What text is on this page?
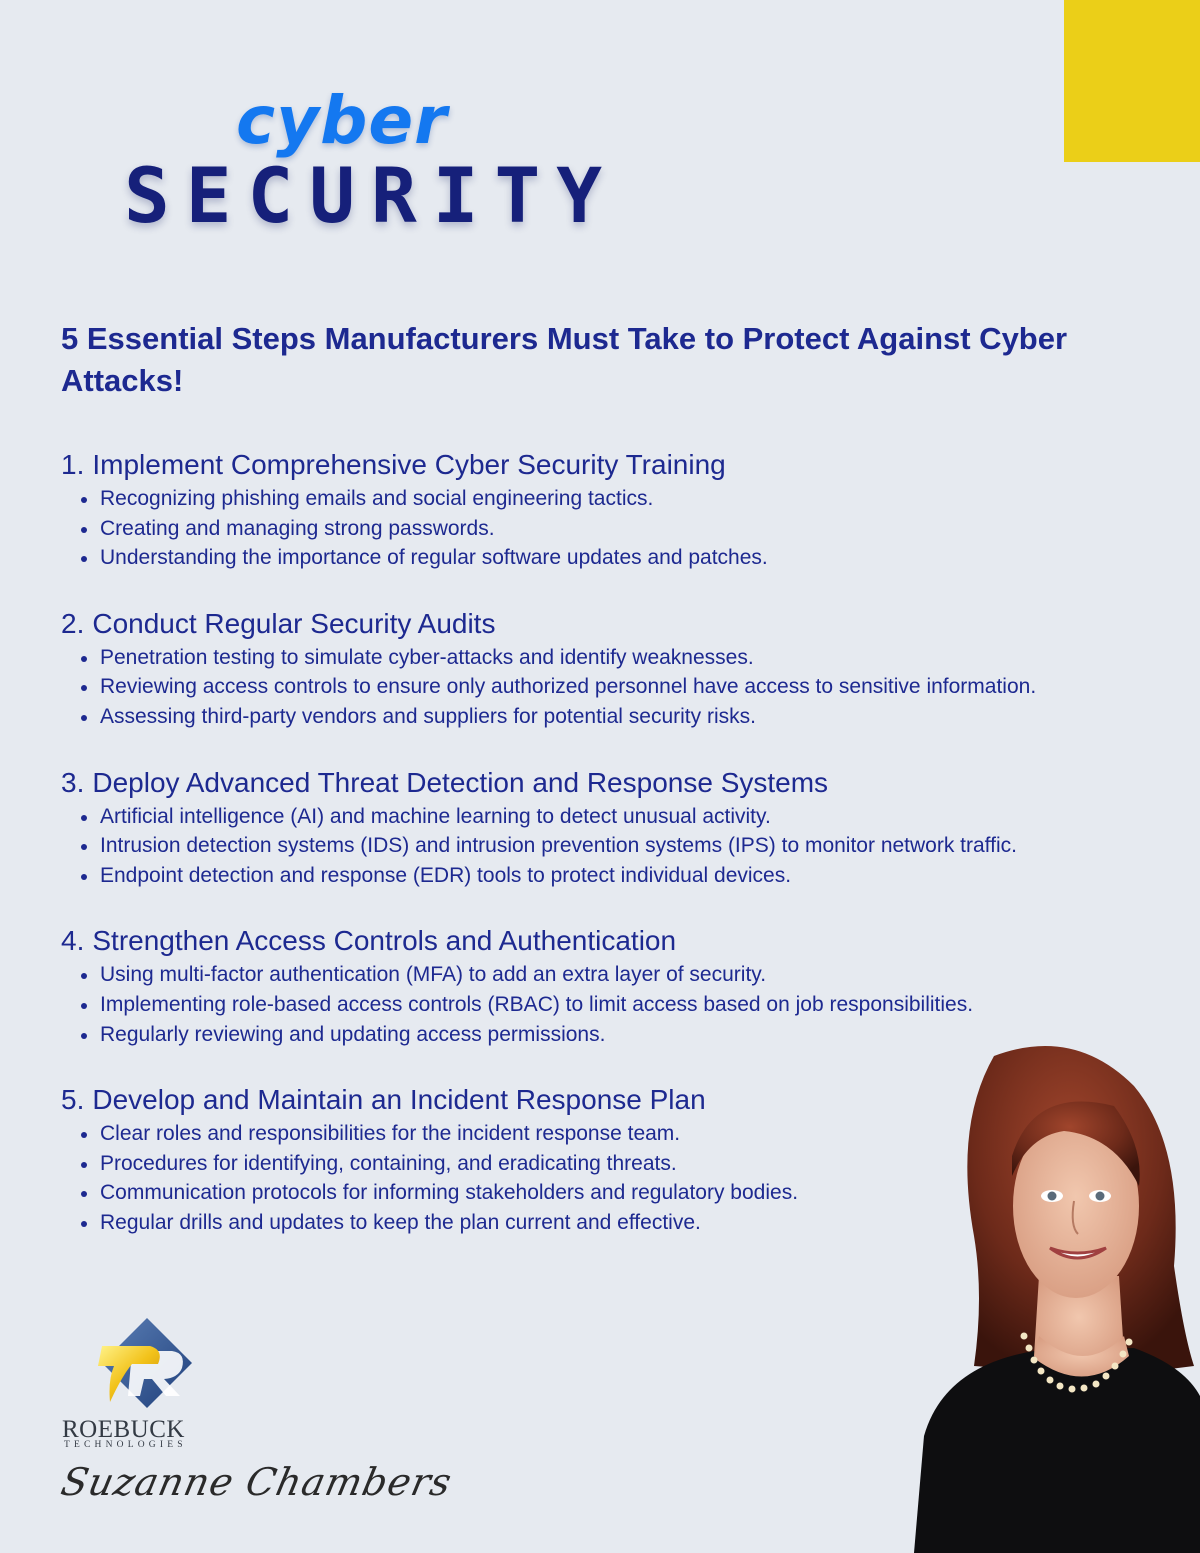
cyber
SECURITY
5 Essential Steps Manufacturers Must Take to Protect Against Cyber Attacks!
1. Implement Comprehensive Cyber Security Training
Recognizing phishing emails and social engineering tactics.
Creating and managing strong passwords.
Understanding the importance of regular software updates and patches.
2. Conduct Regular Security Audits
Penetration testing to simulate cyber-attacks and identify weaknesses.
Reviewing access controls to ensure only authorized personnel have access to sensitive information.
Assessing third-party vendors and suppliers for potential security risks.
3. Deploy Advanced Threat Detection and Response Systems
Artificial intelligence (AI) and machine learning to detect unusual activity.
Intrusion detection systems (IDS) and intrusion prevention systems (IPS) to monitor network traffic.
Endpoint detection and response (EDR) tools to protect individual devices.
4. Strengthen Access Controls and Authentication
Using multi-factor authentication (MFA) to add an extra layer of security.
Implementing role-based access controls (RBAC) to limit access based on job responsibilities.
Regularly reviewing and updating access permissions.
5. Develop and Maintain an Incident Response Plan
Clear roles and responsibilities for the incident response team.
Procedures for identifying, containing, and eradicating threats.
Communication protocols for informing stakeholders and regulatory bodies.
Regular drills and updates to keep the plan current and effective.
ROEBUCK
TECHNOLOGIES
Suzanne Chambers
